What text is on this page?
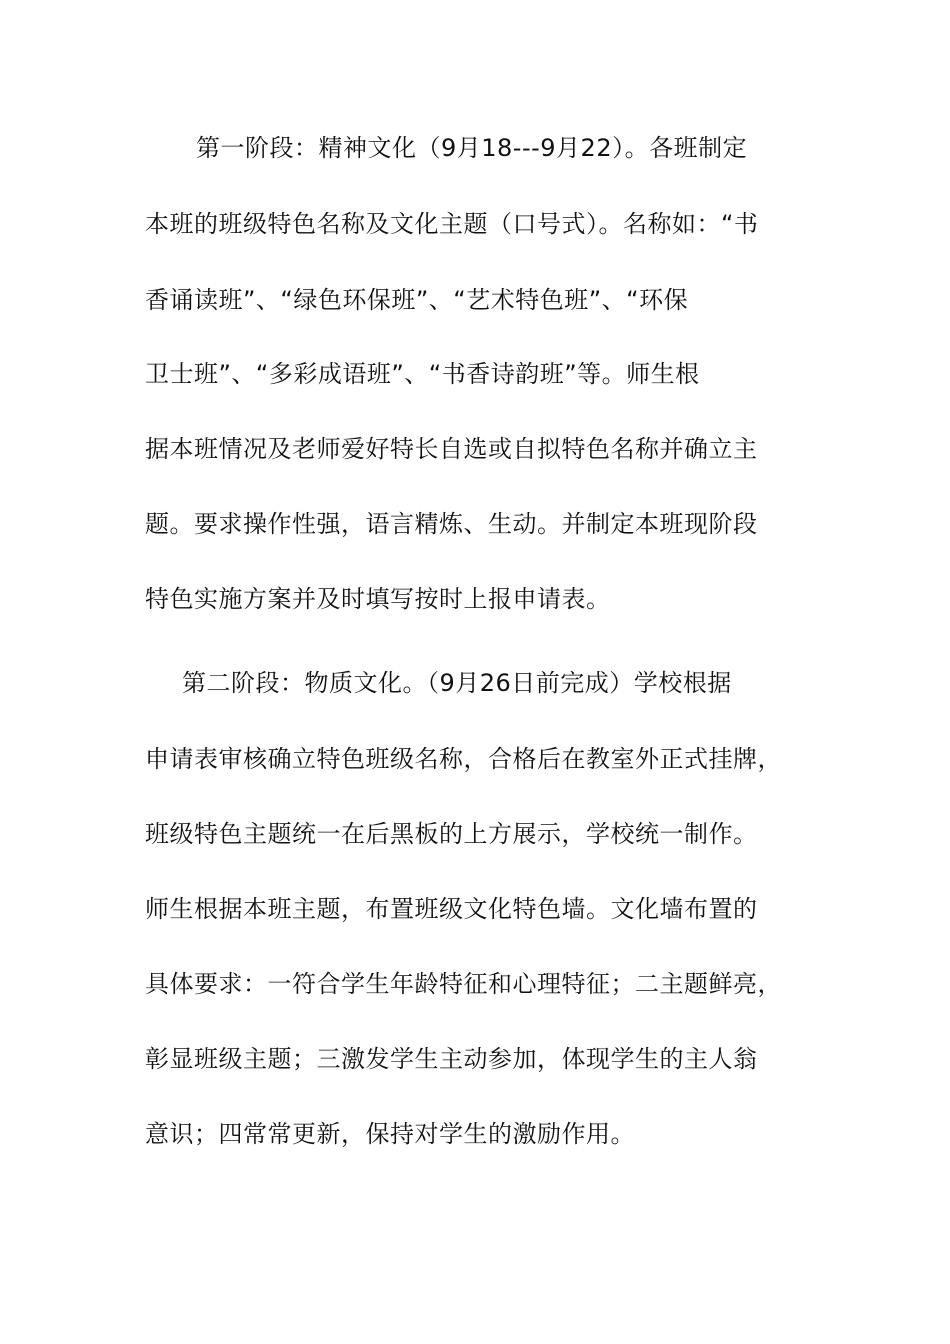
第一阶段：精神文化（9月18---9月22）。各班制定
本班的班级特色名称及文化主题（口号式）。名称如：“书
香诵读班”、“绿色环保班”、“艺术特色班”、“环保
卫士班”、“多彩成语班”、“书香诗韵班”等。师生根
据本班情况及老师爱好特长自选或自拟特色名称并确立主
题。要求操作性强，语言精炼、生动。并制定本班现阶段
特色实施方案并及时填写按时上报申请表。
第二阶段：物质文化。（9月26日前完成）学校根据
申请表审核确立特色班级名称，合格后在教室外正式挂牌，
班级特色主题统一在后黑板的上方展示，学校统一制作。
师生根据本班主题，布置班级文化特色墙。文化墙布置的
具体要求：一符合学生年龄特征和心理特征；二主题鲜亮，
彰显班级主题；三激发学生主动参加，体现学生的主人翁
意识；四常常更新，保持对学生的激励作用。
